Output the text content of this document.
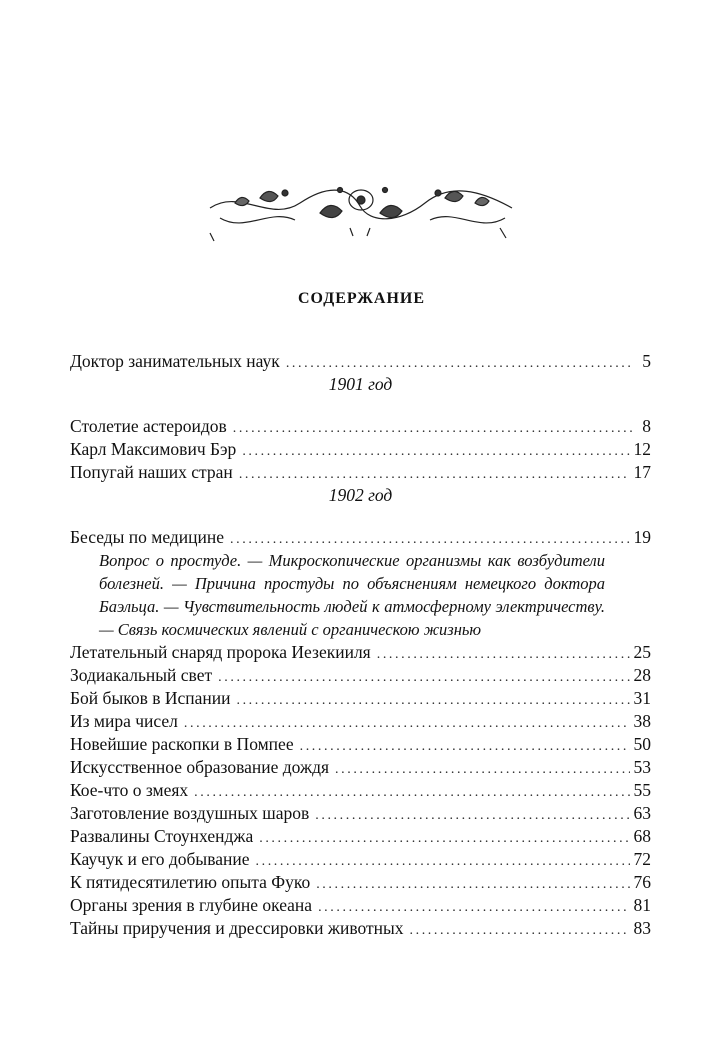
СОДЕРЖАНИЕ
Доктор занимательных наук .....	5
1901 год
Столетие астероидов .....	8
Карл Максимович Бэр .....	12
Попугай наших стран .....	17
1902 год
Беседы по медицине .....	19
Вопрос о простуде. — Микроскопические организмы как возбудители болезней. — Причина простуды по объяснениям немецкого доктора Баэльца. — Чувствительность людей к атмосферному электричеству. — Связь космических явлений с органическою жизнью
Летательный снаряд пророка Иезекииля .....	25
Зодиакальный свет .....	28
Бой быков в Испании .....	31
Из мира чисел .....	38
Новейшие раскопки в Помпее .....	50
Искусственное образование дождя .....	53
Кое-что о змеях .....	55
Заготовление воздушных шаров .....	63
Развалины Стоунхенджа .....	68
Каучук и его добывание .....	72
К пятидесятилетию опыта Фуко .....	76
Органы зрения в глубине океана .....	81
Тайны приручения и дрессировки животных .....	83
